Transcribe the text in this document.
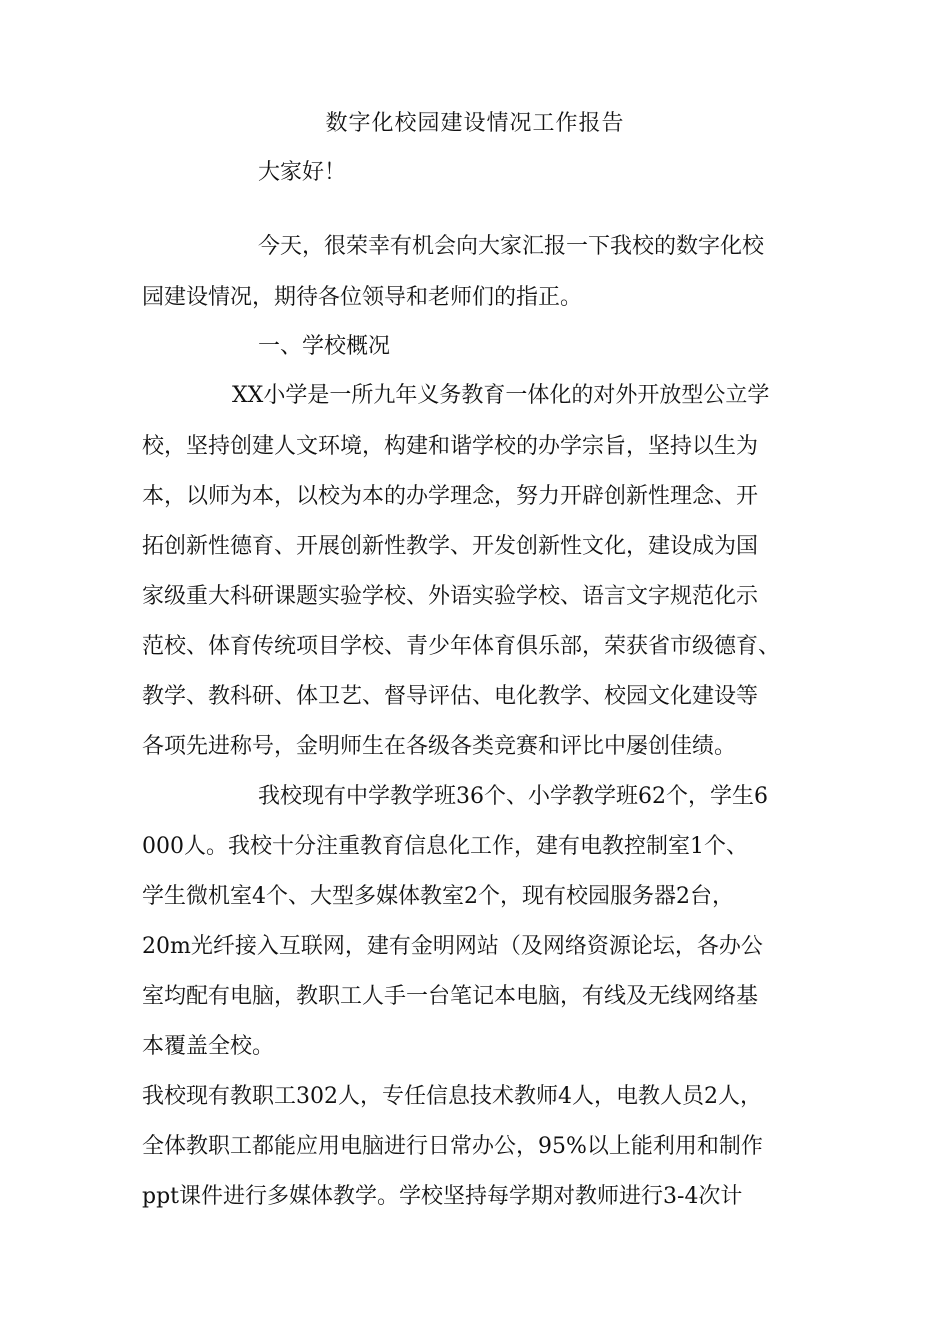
数字化校园建设情况工作报告
大家好！
今天，很荣幸有机会向大家汇报一下我校的数字化校
园建设情况，期待各位领导和老师们的指正。
一、学校概况
XX小学是一所九年义务教育一体化的对外开放型公立学
校，坚持创建人文环境，构建和谐学校的办学宗旨，坚持以生为
本，以师为本，以校为本的办学理念，努力开辟创新性理念、开
拓创新性德育、开展创新性教学、开发创新性文化，建设成为国
家级重大科研课题实验学校、外语实验学校、语言文字规范化示
范校、体育传统项目学校、青少年体育俱乐部，荣获省市级德育、
教学、教科研、体卫艺、督导评估、电化教学、校园文化建设等
各项先进称号，金明师生在各级各类竞赛和评比中屡创佳绩。
我校现有中学教学班36个、小学教学班62个，学生6
000人。我校十分注重教育信息化工作，建有电教控制室1个、
学生微机室4个、大型多媒体教室2个，现有校园服务器2台，
20m光纤接入互联网，建有金明网站（及网络资源论坛，各办公
室均配有电脑，教职工人手一台笔记本电脑，有线及无线网络基
本覆盖全校。
我校现有教职工302人，专任信息技术教师4人，电教人员2人，
全体教职工都能应用电脑进行日常办公，95%以上能利用和制作
ppt课件进行多媒体教学。学校坚持每学期对教师进行3-4次计
